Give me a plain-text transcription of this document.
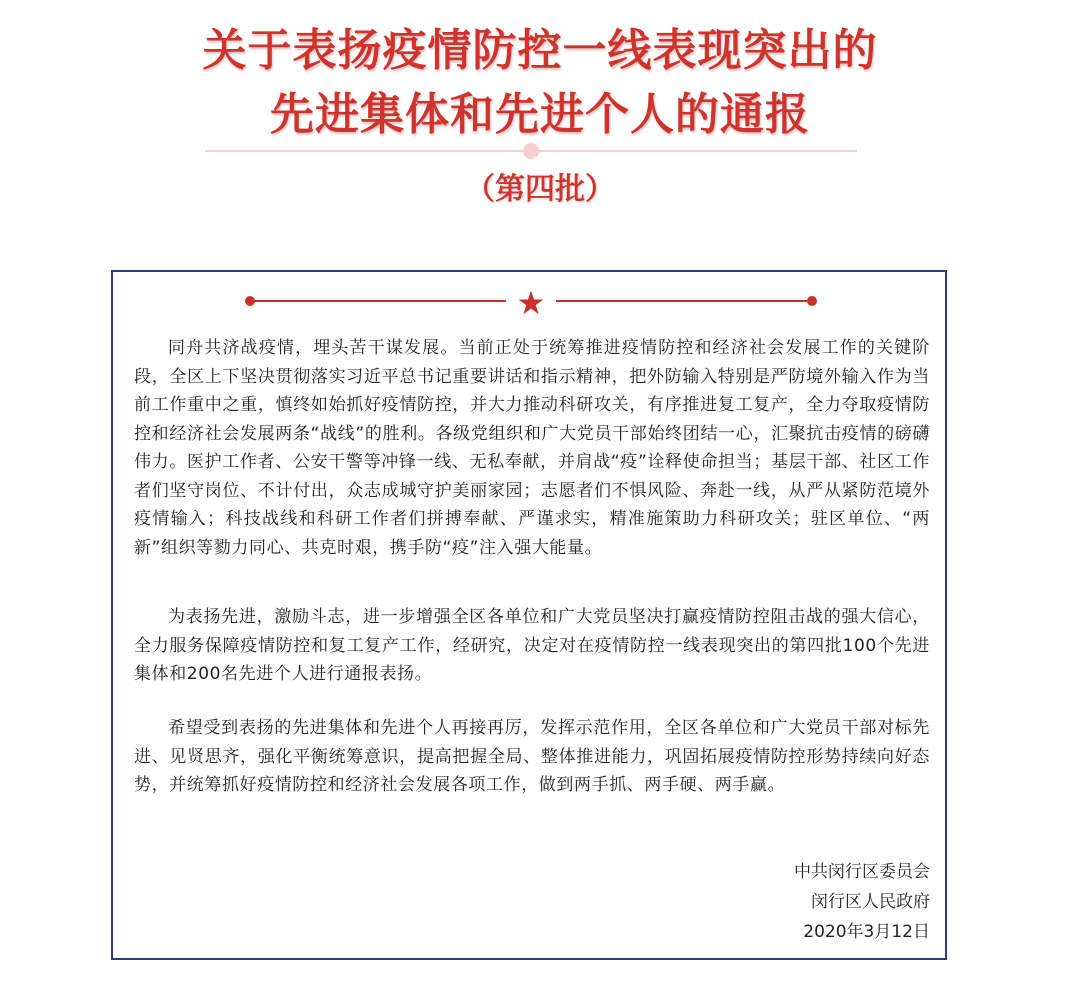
关于表扬疫情防控一线表现突出的
先进集体和先进个人的通报
（第四批）

同舟共济战疫情，埋头苦干谋发展。当前正处于统筹推进疫情防控和经济社会发展工作的关键阶段，全区上下坚决贯彻落实习近平总书记重要讲话和指示精神，把外防输入特别是严防境外输入作为当前工作重中之重，慎终如始抓好疫情防控，并大力推动科研攻关，有序推进复工复产，全力夺取疫情防控和经济社会发展两条“战线”的胜利。各级党组织和广大党员干部始终团结一心，汇聚抗击疫情的磅礴伟力。医护工作者、公安干警等冲锋一线、无私奉献，并肩战“疫”诠释使命担当；基层干部、社区工作者们坚守岗位、不计付出，众志成城守护美丽家园；志愿者们不惧风险、奔赴一线，从严从紧防范境外疫情输入；科技战线和科研工作者们拼搏奉献、严谨求实，精准施策助力科研攻关；驻区单位、“两新”组织等勠力同心、共克时艰，携手防“疫”注入强大能量。

为表扬先进，激励斗志，进一步增强全区各单位和广大党员坚决打赢疫情防控阻击战的强大信心，全力服务保障疫情防控和复工复产工作，经研究，决定对在疫情防控一线表现突出的第四批100个先进集体和200名先进个人进行通报表扬。

希望受到表扬的先进集体和先进个人再接再厉，发挥示范作用，全区各单位和广大党员干部对标先进、见贤思齐，强化平衡统筹意识，提高把握全局、整体推进能力，巩固拓展疫情防控形势持续向好态势，并统筹抓好疫情防控和经济社会发展各项工作，做到两手抓、两手硬、两手赢。

中共闵行区委员会

闵行区人民政府

2020年3月12日
